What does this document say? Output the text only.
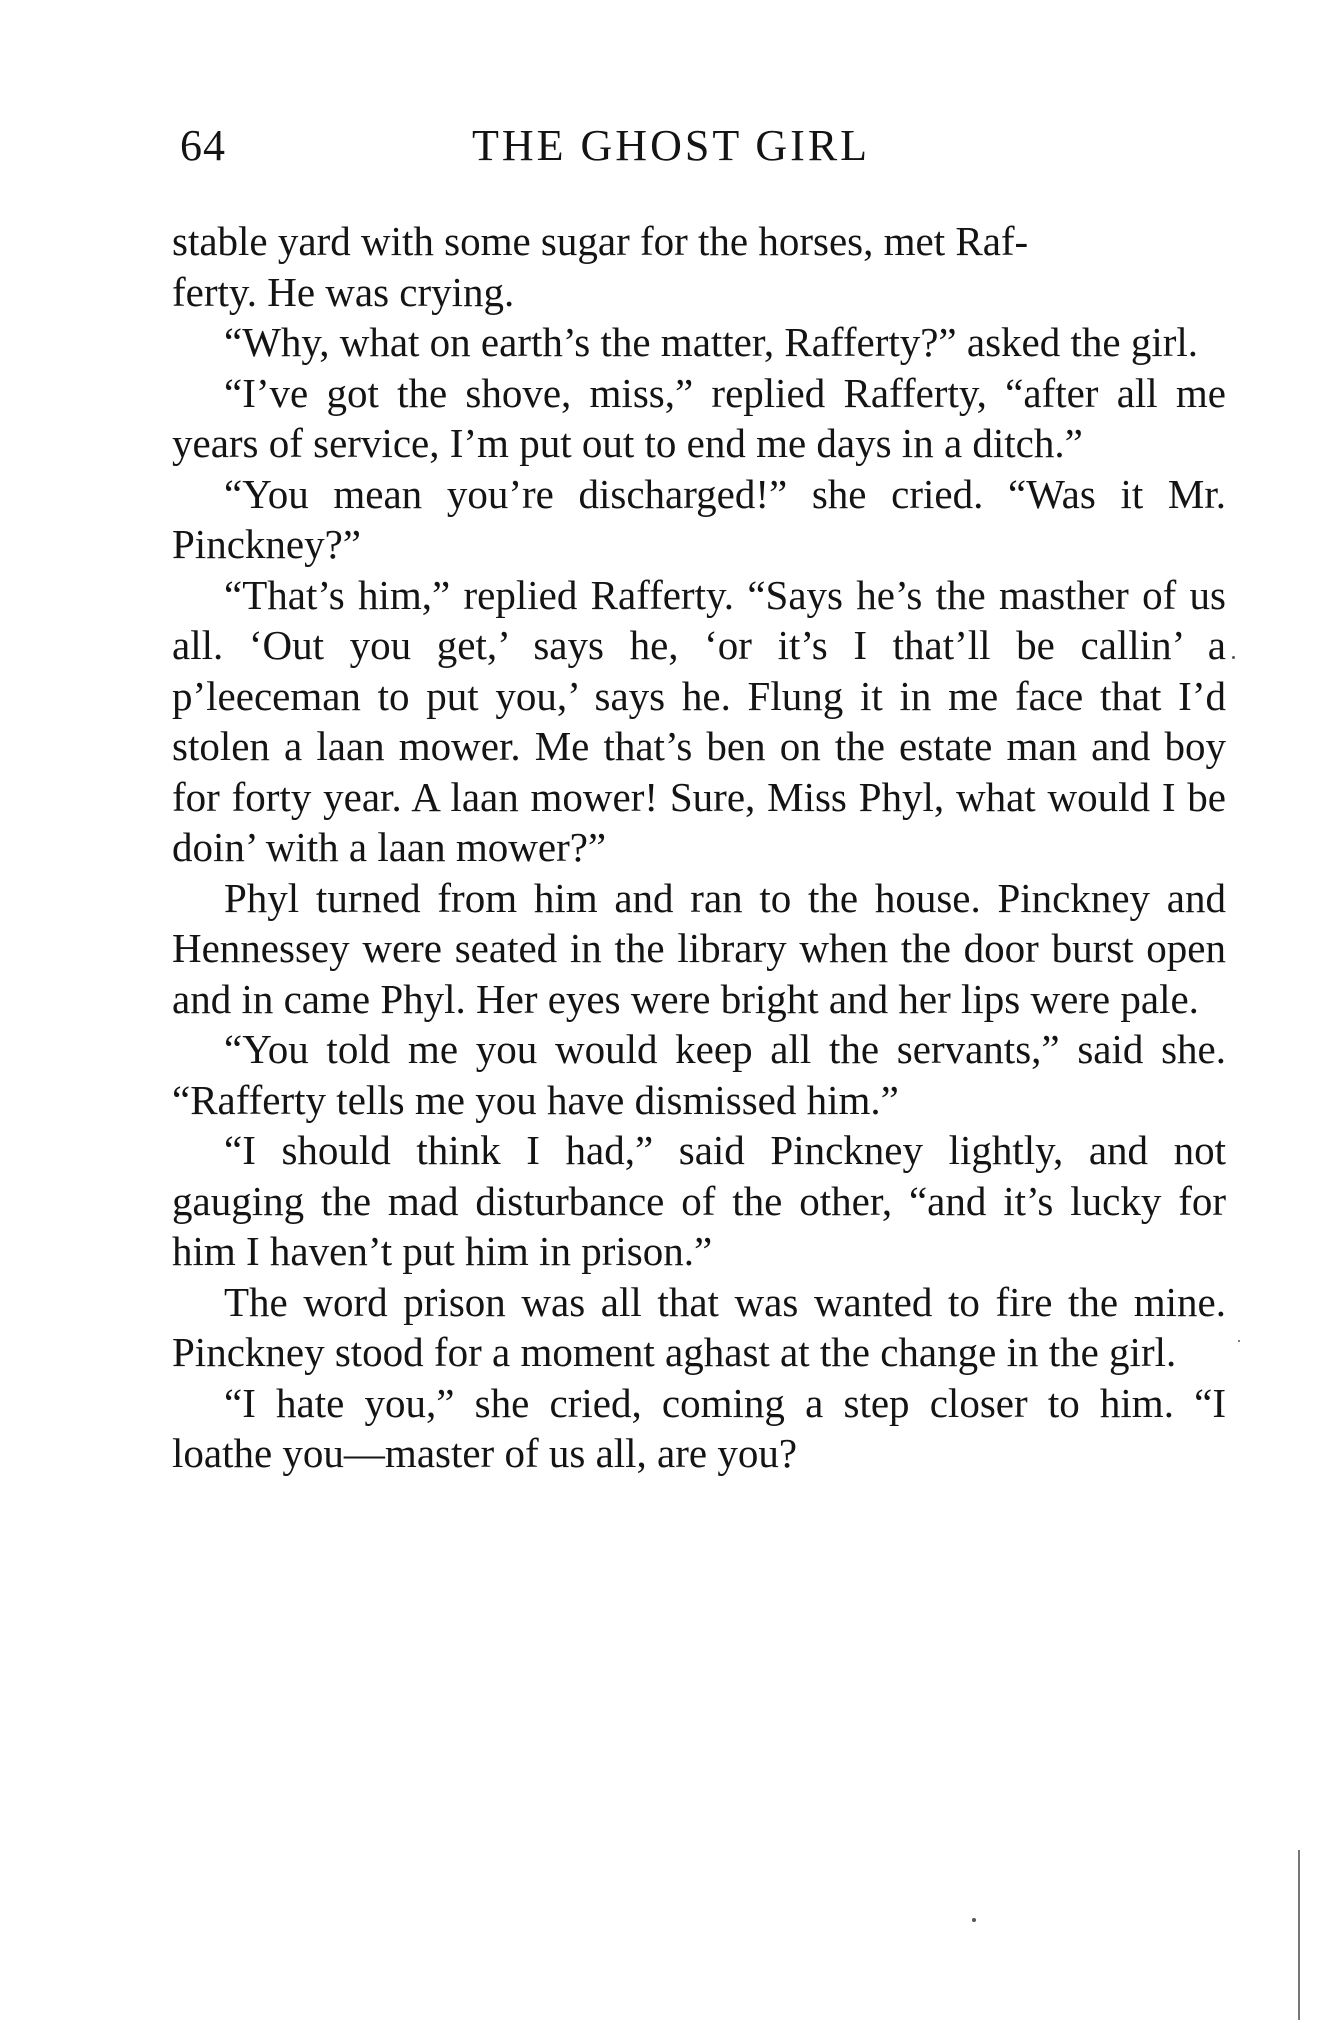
64	THE GHOST GIRL

stable yard with some sugar for the horses, met Raf-
ferty. He was crying.

“Why, what on earth’s the matter, Rafferty?” asked the girl.

“I’ve got the shove, miss,” replied Rafferty, “after all me years of service, I’m put out to end me days in a ditch.”

“You mean you’re discharged!” she cried. “Was it Mr. Pinckney?”

“That’s him,” replied Rafferty. “Says he’s the masther of us all. ‘Out you get,’ says he, ‘or it’s I that’ll be callin’ a p’leeceman to put you,’ says he. Flung it in me face that I’d stolen a laan mower. Me that’s ben on the estate man and boy for forty year. A laan mower! Sure, Miss Phyl, what would I be doin’ with a laan mower?”

Phyl turned from him and ran to the house. Pinckney and Hennessey were seated in the library when the door burst open and in came Phyl. Her eyes were bright and her lips were pale.

“You told me you would keep all the servants,” said she. “Rafferty tells me you have dismissed him.”

“I should think I had,” said Pinckney lightly, and not gauging the mad disturbance of the other, “and it’s lucky for him I haven’t put him in prison.”

The word prison was all that was wanted to fire the mine. Pinckney stood for a moment aghast at the change in the girl.

“I hate you,” she cried, coming a step closer to him. “I loathe you—master of us all, are you?
